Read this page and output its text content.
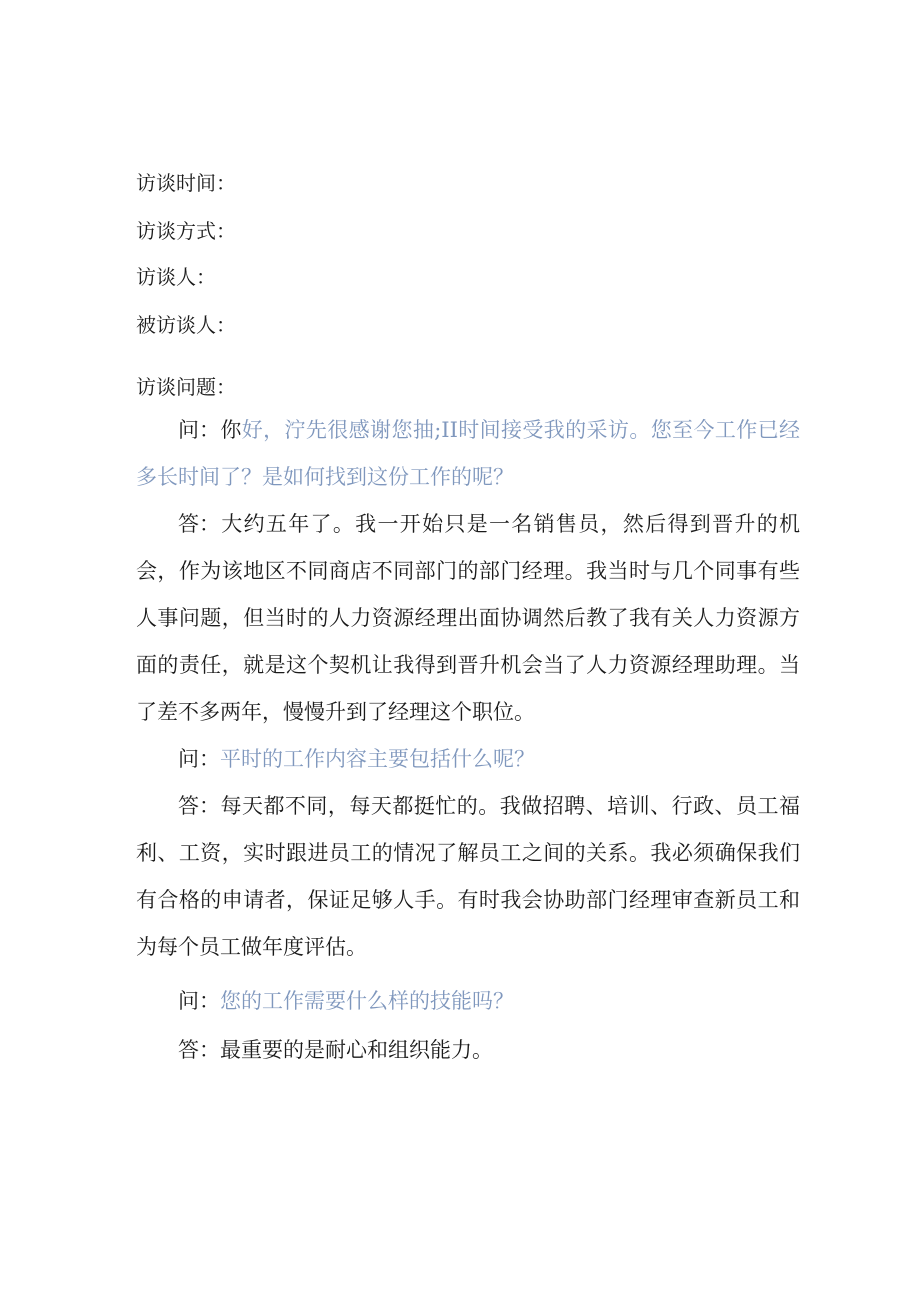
访谈时间：
访谈方式：
访谈人：
被访谈人：
访谈问题：
问：你好，泞先很感谢您抽;II时间接受我的采访。您至今工作已经多长时间了？是如何找到这份工作的呢？
答：大约五年了。我一开始只是一名销售员，然后得到晋升的机会，作为该地区不同商店不同部门的部门经理。我当时与几个同事有些人事问题，但当时的人力资源经理出面协调然后教了我有关人力资源方面的责任，就是这个契机让我得到晋升机会当了人力资源经理助理。当了差不多两年，慢慢升到了经理这个职位。
问：平时的工作内容主要包括什么呢？
答：每天都不同，每天都挺忙的。我做招聘、培训、行政、员工福利、工资，实时跟进员工的情况了解员工之间的关系。我必须确保我们有合格的申请者，保证足够人手。有时我会协助部门经理审查新员工和为每个员工做年度评估。
问：您的工作需要什么样的技能吗？
答：最重要的是耐心和组织能力。
